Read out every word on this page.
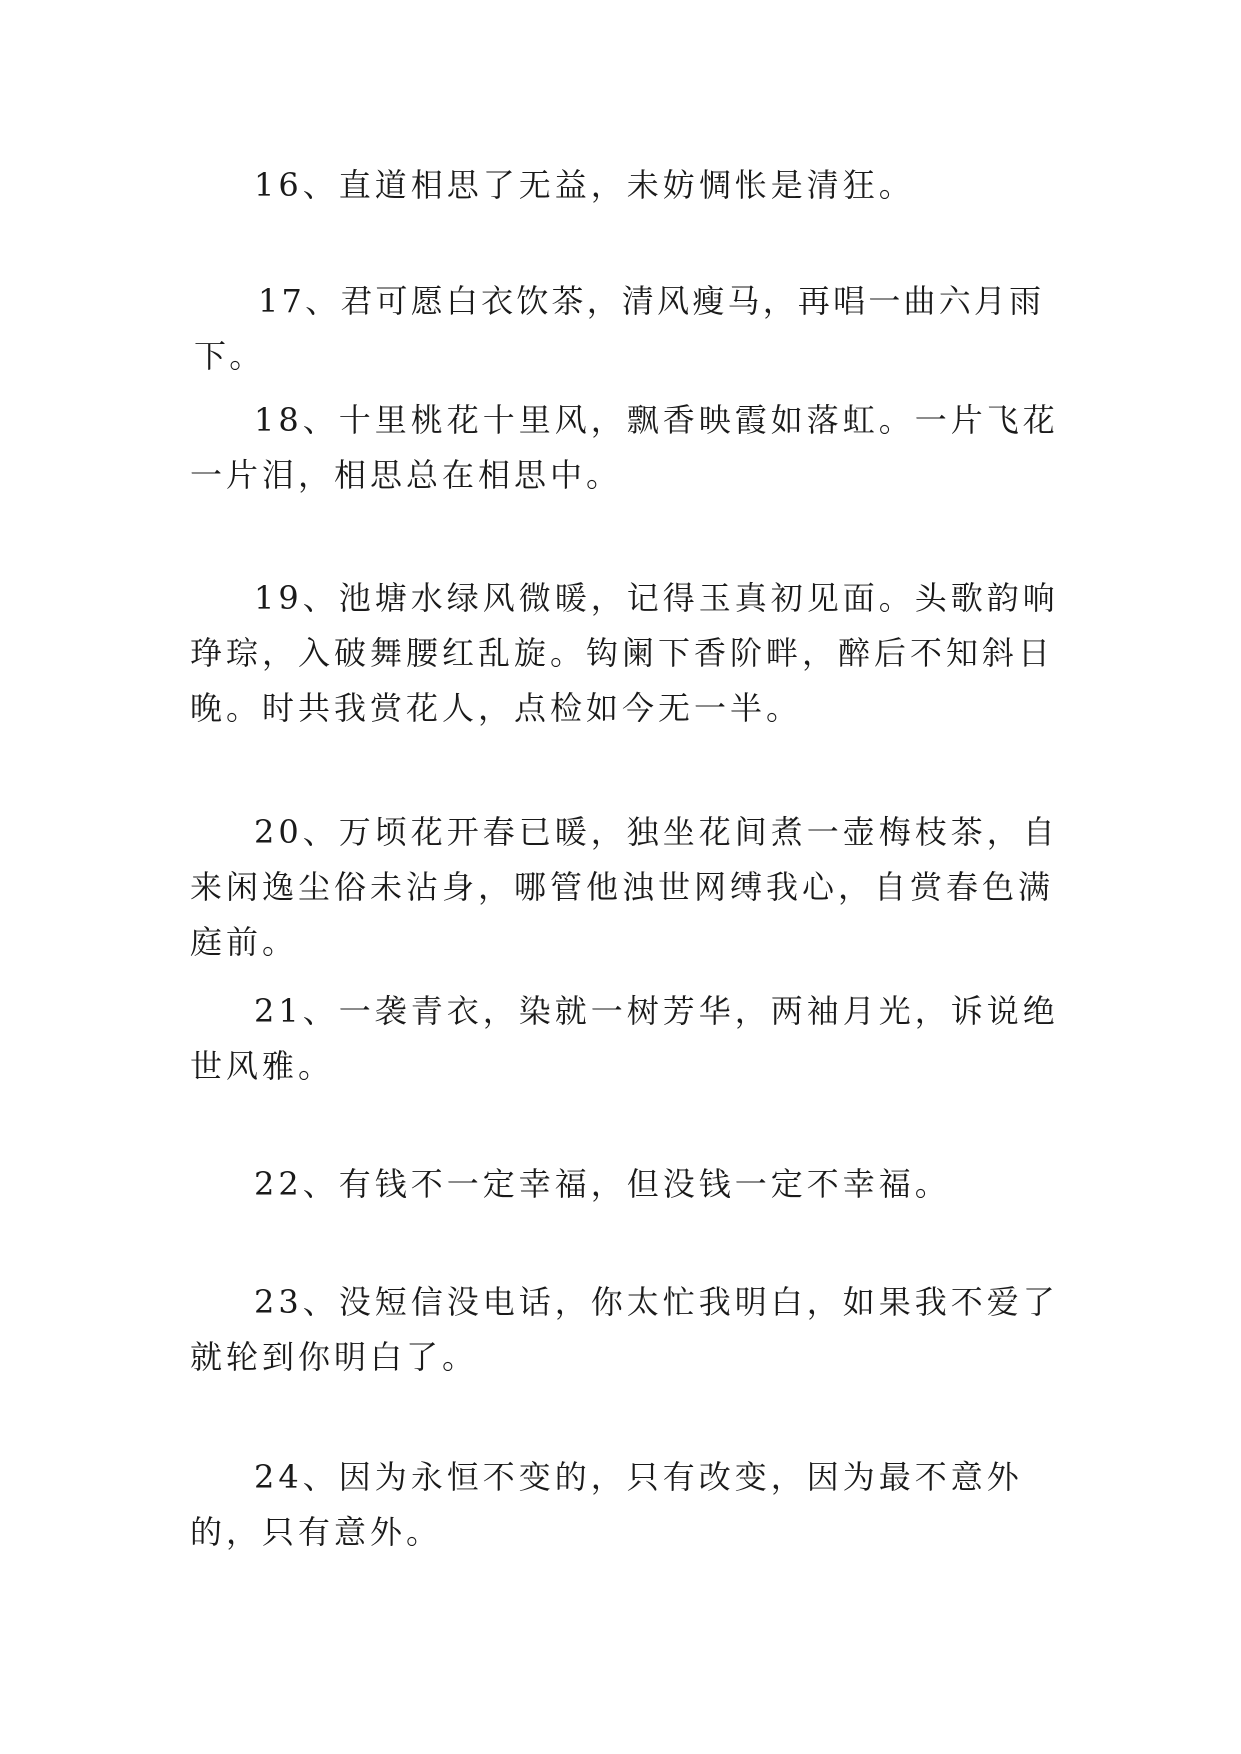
16、直道相思了无益，未妨惆怅是清狂。

17、君可愿白衣饮茶，清风瘦马，再唱一曲六月雨下。

18、十里桃花十里风，飘香映霞如落虹。一片飞花一片泪，相思总在相思中。

19、池塘水绿风微暖，记得玉真初见面。头歌韵响琤琮，入破舞腰红乱旋。钩阑下香阶畔，醉后不知斜日晚。时共我赏花人，点检如今无一半。

20、万顷花开春已暖，独坐花间煮一壶梅枝茶，自来闲逸尘俗未沾身，哪管他浊世网缚我心，自赏春色满庭前。

21、一袭青衣，染就一树芳华，两袖月光，诉说绝世风雅。

22、有钱不一定幸福，但没钱一定不幸福。

23、没短信没电话，你太忙我明白，如果我不爱了就轮到你明白了。

24、因为永恒不变的，只有改变，因为最不意外的，只有意外。
